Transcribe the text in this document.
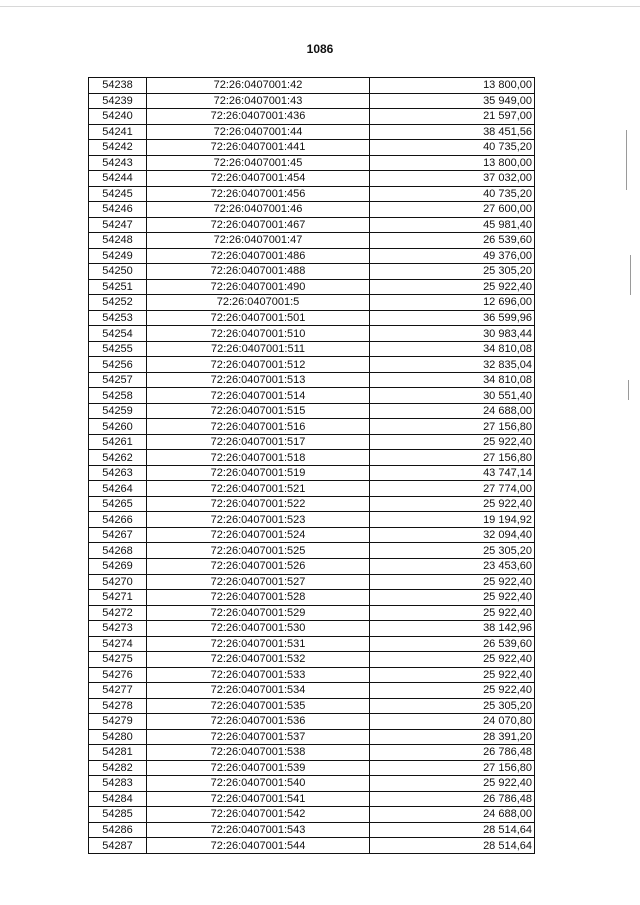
1086
54238	72:26:0407001:42	13 800,00
54239	72:26:0407001:43	35 949,00
54240	72:26:0407001:436	21 597,00
54241	72:26:0407001:44	38 451,56
54242	72:26:0407001:441	40 735,20
54243	72:26:0407001:45	13 800,00
54244	72:26:0407001:454	37 032,00
54245	72:26:0407001:456	40 735,20
54246	72:26:0407001:46	27 600,00
54247	72:26:0407001:467	45 981,40
54248	72:26:0407001:47	26 539,60
54249	72:26:0407001:486	49 376,00
54250	72:26:0407001:488	25 305,20
54251	72:26:0407001:490	25 922,40
54252	72:26:0407001:5	12 696,00
54253	72:26:0407001:501	36 599,96
54254	72:26:0407001:510	30 983,44
54255	72:26:0407001:511	34 810,08
54256	72:26:0407001:512	32 835,04
54257	72:26:0407001:513	34 810,08
54258	72:26:0407001:514	30 551,40
54259	72:26:0407001:515	24 688,00
54260	72:26:0407001:516	27 156,80
54261	72:26:0407001:517	25 922,40
54262	72:26:0407001:518	27 156,80
54263	72:26:0407001:519	43 747,14
54264	72:26:0407001:521	27 774,00
54265	72:26:0407001:522	25 922,40
54266	72:26:0407001:523	19 194,92
54267	72:26:0407001:524	32 094,40
54268	72:26:0407001:525	25 305,20
54269	72:26:0407001:526	23 453,60
54270	72:26:0407001:527	25 922,40
54271	72:26:0407001:528	25 922,40
54272	72:26:0407001:529	25 922,40
54273	72:26:0407001:530	38 142,96
54274	72:26:0407001:531	26 539,60
54275	72:26:0407001:532	25 922,40
54276	72:26:0407001:533	25 922,40
54277	72:26:0407001:534	25 922,40
54278	72:26:0407001:535	25 305,20
54279	72:26:0407001:536	24 070,80
54280	72:26:0407001:537	28 391,20
54281	72:26:0407001:538	26 786,48
54282	72:26:0407001:539	27 156,80
54283	72:26:0407001:540	25 922,40
54284	72:26:0407001:541	26 786,48
54285	72:26:0407001:542	24 688,00
54286	72:26:0407001:543	28 514,64
54287	72:26:0407001:544	28 514,64
